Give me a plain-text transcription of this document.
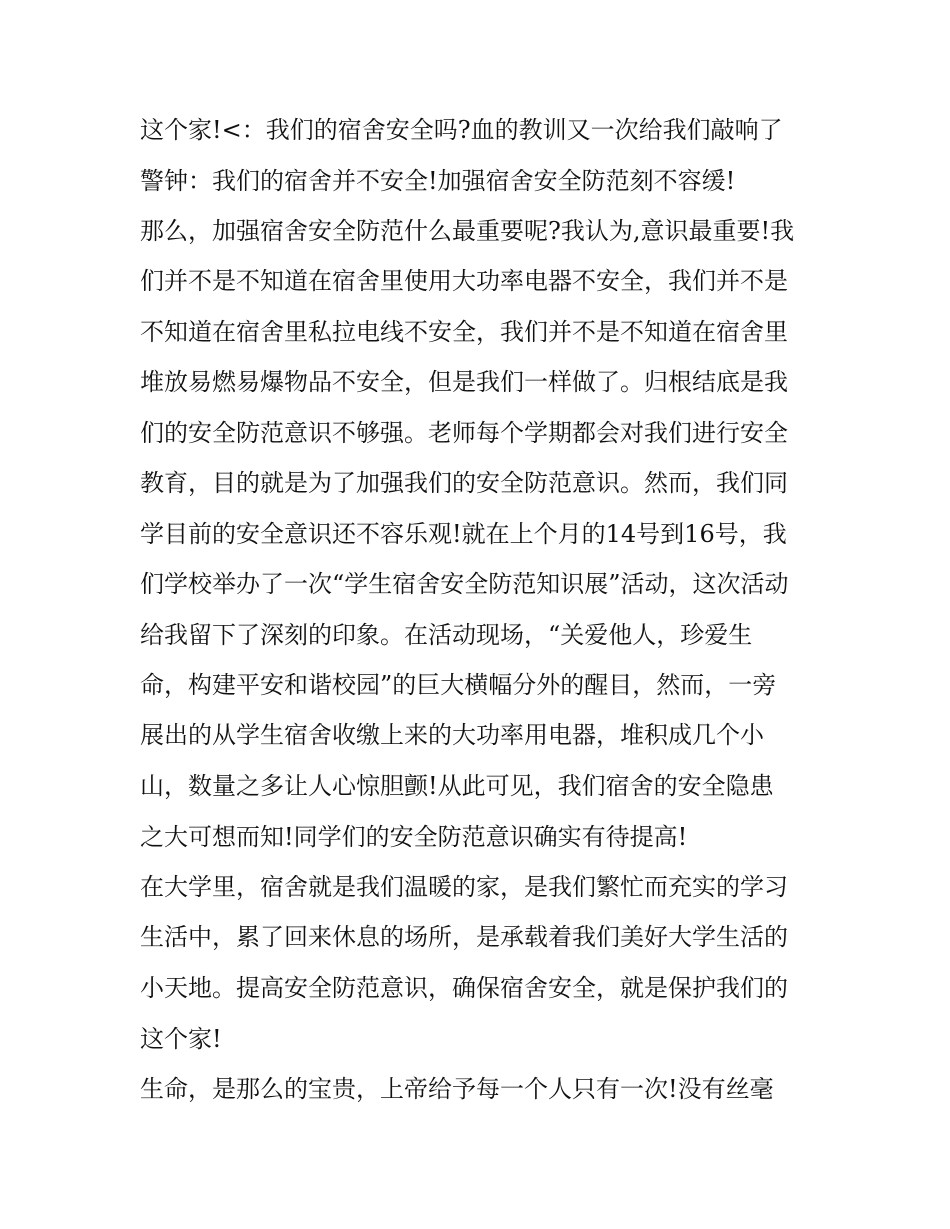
这个家!<：我们的宿舍安全吗?血的教训又一次给我们敲响了
警钟：我们的宿舍并不安全!加强宿舍安全防范刻不容缓!
那么，加强宿舍安全防范什么最重要呢?我认为,意识最重要!我
们并不是不知道在宿舍里使用大功率电器不安全，我们并不是
不知道在宿舍里私拉电线不安全，我们并不是不知道在宿舍里
堆放易燃易爆物品不安全，但是我们一样做了。归根结底是我
们的安全防范意识不够强。老师每个学期都会对我们进行安全
教育，目的就是为了加强我们的安全防范意识。然而，我们同
学目前的安全意识还不容乐观!就在上个月的14号到16号，我
们学校举办了一次“学生宿舍安全防范知识展”活动，这次活动
给我留下了深刻的印象。在活动现场，“关爱他人，珍爱生
命，构建平安和谐校园”的巨大横幅分外的醒目，然而，一旁
展出的从学生宿舍收缴上来的大功率用电器，堆积成几个小
山，数量之多让人心惊胆颤!从此可见，我们宿舍的安全隐患
之大可想而知!同学们的安全防范意识确实有待提高!
在大学里，宿舍就是我们温暖的家，是我们繁忙而充实的学习
生活中，累了回来休息的场所，是承载着我们美好大学生活的
小天地。提高安全防范意识，确保宿舍安全，就是保护我们的
这个家!
生命，是那么的宝贵，上帝给予每一个人只有一次!没有丝毫
